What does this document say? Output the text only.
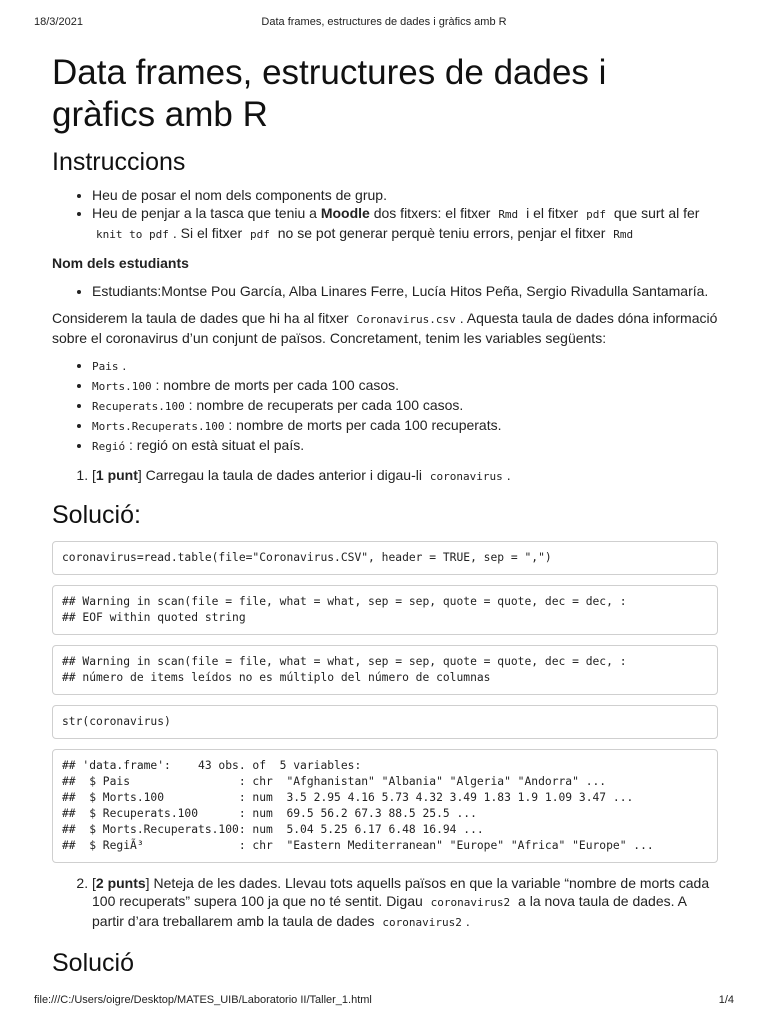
18/3/2021	Data frames, estructures de dades i gràfics amb R
Data frames, estructures de dades i gràfics amb R
Instruccions
• Heu de posar el nom dels components de grup.
• Heu de penjar a la tasca que teniu a Moodle dos fitxers: el fitxer Rmd i el fitxer pdf que surt al fer knit to pdf . Si el fitxer pdf no se pot generar perquè teniu errors, penjar el fitxer Rmd

Nom dels estudiants

• Estudiants:Montse Pou García, Alba Linares Ferre, Lucía Hitos Peña, Sergio Rivadulla Santamaría.

Considerem la taula de dades que hi ha al fitxer Coronavirus.csv . Aquesta taula de dades dóna informació sobre el coronavirus d’un conjunt de països. Concretament, tenim les variables següents:

• Pais .
• Morts.100 : nombre de morts per cada 100 casos.
• Recuperats.100 : nombre de recuperats per cada 100 casos.
• Morts.Recuperats.100 : nombre de morts per cada 100 recuperats.
• Regió : regió on està situat el país.
1. [1 punt] Carregau la taula de dades anterior i digau-li coronavirus .
Solució:
coronavirus=read.table(file="Coronavirus.CSV", header = TRUE, sep = ",")
## Warning in scan(file = file, what = what, sep = sep, quote = quote, dec = dec, :
## EOF within quoted string
## Warning in scan(file = file, what = what, sep = sep, quote = quote, dec = dec, :
## número de items leídos no es múltiplo del número de columnas
str(coronavirus)
## 'data.frame':    43 obs. of  5 variables:
##  $ Pais                : chr  "Afghanistan" "Albania" "Algeria" "Andorra" ...
##  $ Morts.100           : num  3.5 2.95 4.16 5.73 4.32 3.49 1.83 1.9 1.09 3.47 ...
##  $ Recuperats.100      : num  69.5 56.2 67.3 88.5 25.5 ...
##  $ Morts.Recuperats.100: num  5.04 5.25 6.17 6.48 16.94 ...
##  $ RegiÃ³              : chr  "Eastern Mediterranean" "Europe" "Africa" "Europe" ...
2. [2 punts] Neteja de les dades. Llevau tots aquells països en que la variable “nombre de morts cada 100 recuperats” supera 100 ja que no té sentit. Digau coronavirus2 a la nova taula de dades. A partir d’ara treballarem amb la taula de dades coronavirus2 .
Solució
file:///C:/Users/oigre/Desktop/MATES_UIB/Laboratorio II/Taller_1.html	1/4
